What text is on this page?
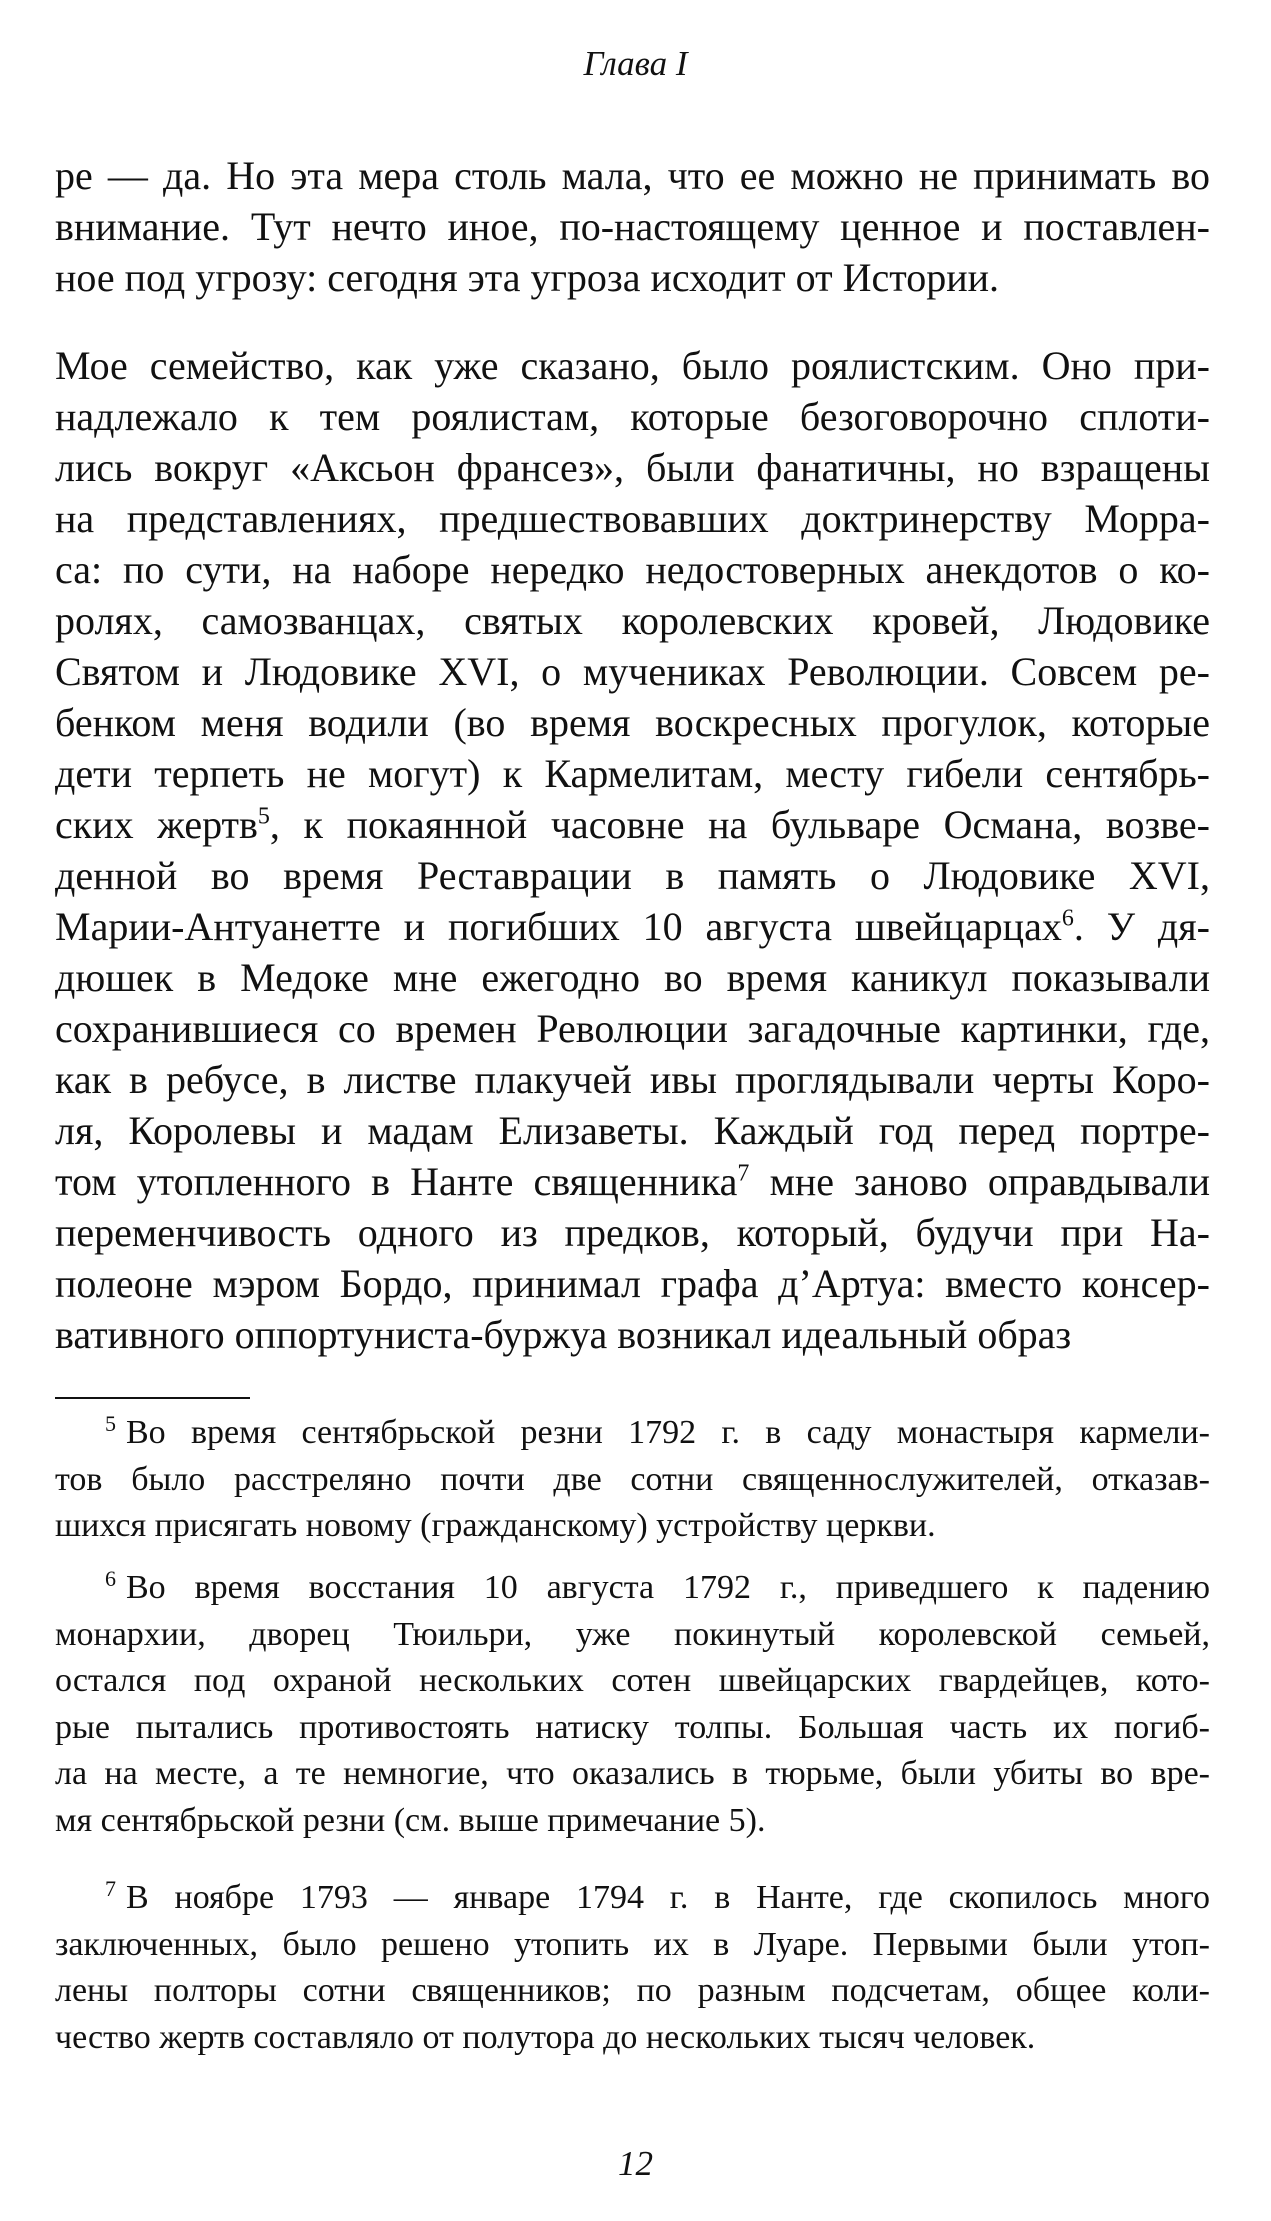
Глава I
ре — да. Но эта мера столь мала, что ее можно не принимать во
внимание. Тут нечто иное, по-настоящему ценное и поставлен-
ное под угрозу: сегодня эта угроза исходит от Истории.
Мое семейство, как уже сказано, было роялистским. Оно при-
надлежало к тем роялистам, которые безоговорочно сплоти-
лись вокруг «Аксьон франсез», были фанатичны, но взращены
на представлениях, предшествовавших доктринерству Морра-
са: по сути, на наборе нередко недостоверных анекдотов о ко-
ролях, самозванцах, святых королевских кровей, Людовике
Святом и Людовике XVI, о мучениках Революции. Совсем ре-
бенком меня водили (во время воскресных прогулок, которые
дети терпеть не могут) к Кармелитам, месту гибели сентябрь-
ских жертв$^5$, к покаянной часовне на бульваре Османа, возве-
денной во время Реставрации в память о Людовике XVI,
Марии-Антуанетте и погибших 10 августа швейцарцах$^6$. У дя-
дюшек в Медоке мне ежегодно во время каникул показывали
сохранившиеся со времен Революции загадочные картинки, где,
как в ребусе, в листве плакучей ивы проглядывали черты Коро-
ля, Королевы и мадам Елизаветы. Каждый год перед портре-
том утопленного в Нанте священника$^7$ мне заново оправдывали
переменчивость одного из предков, который, будучи при На-
полеоне мэром Бордо, принимал графа д’Артуа: вместо консер-
вативного оппортуниста-буржуа возникал идеальный образ
$^5$ Во время сентябрьской резни 1792 г. в саду монастыря кармели-
тов было расстреляно почти две сотни священнослужителей, отказав-
шихся присягать новому (гражданскому) устройству церкви.
$^6$ Во время восстания 10 августа 1792 г., приведшего к падению
монархии, дворец Тюильри, уже покинутый королевской семьей,
остался под охраной нескольких сотен швейцарских гвардейцев, кото-
рые пытались противостоять натиску толпы. Большая часть их погиб-
ла на месте, а те немногие, что оказались в тюрьме, были убиты во вре-
мя сентябрьской резни (см. выше примечание 5).
$^7$ В ноябре 1793 — январе 1794 г. в Нанте, где скопилось много
заключенных, было решено утопить их в Луаре. Первыми были утоп-
лены полторы сотни священников; по разным подсчетам, общее коли-
чество жертв составляло от полутора до нескольких тысяч человек.
12
